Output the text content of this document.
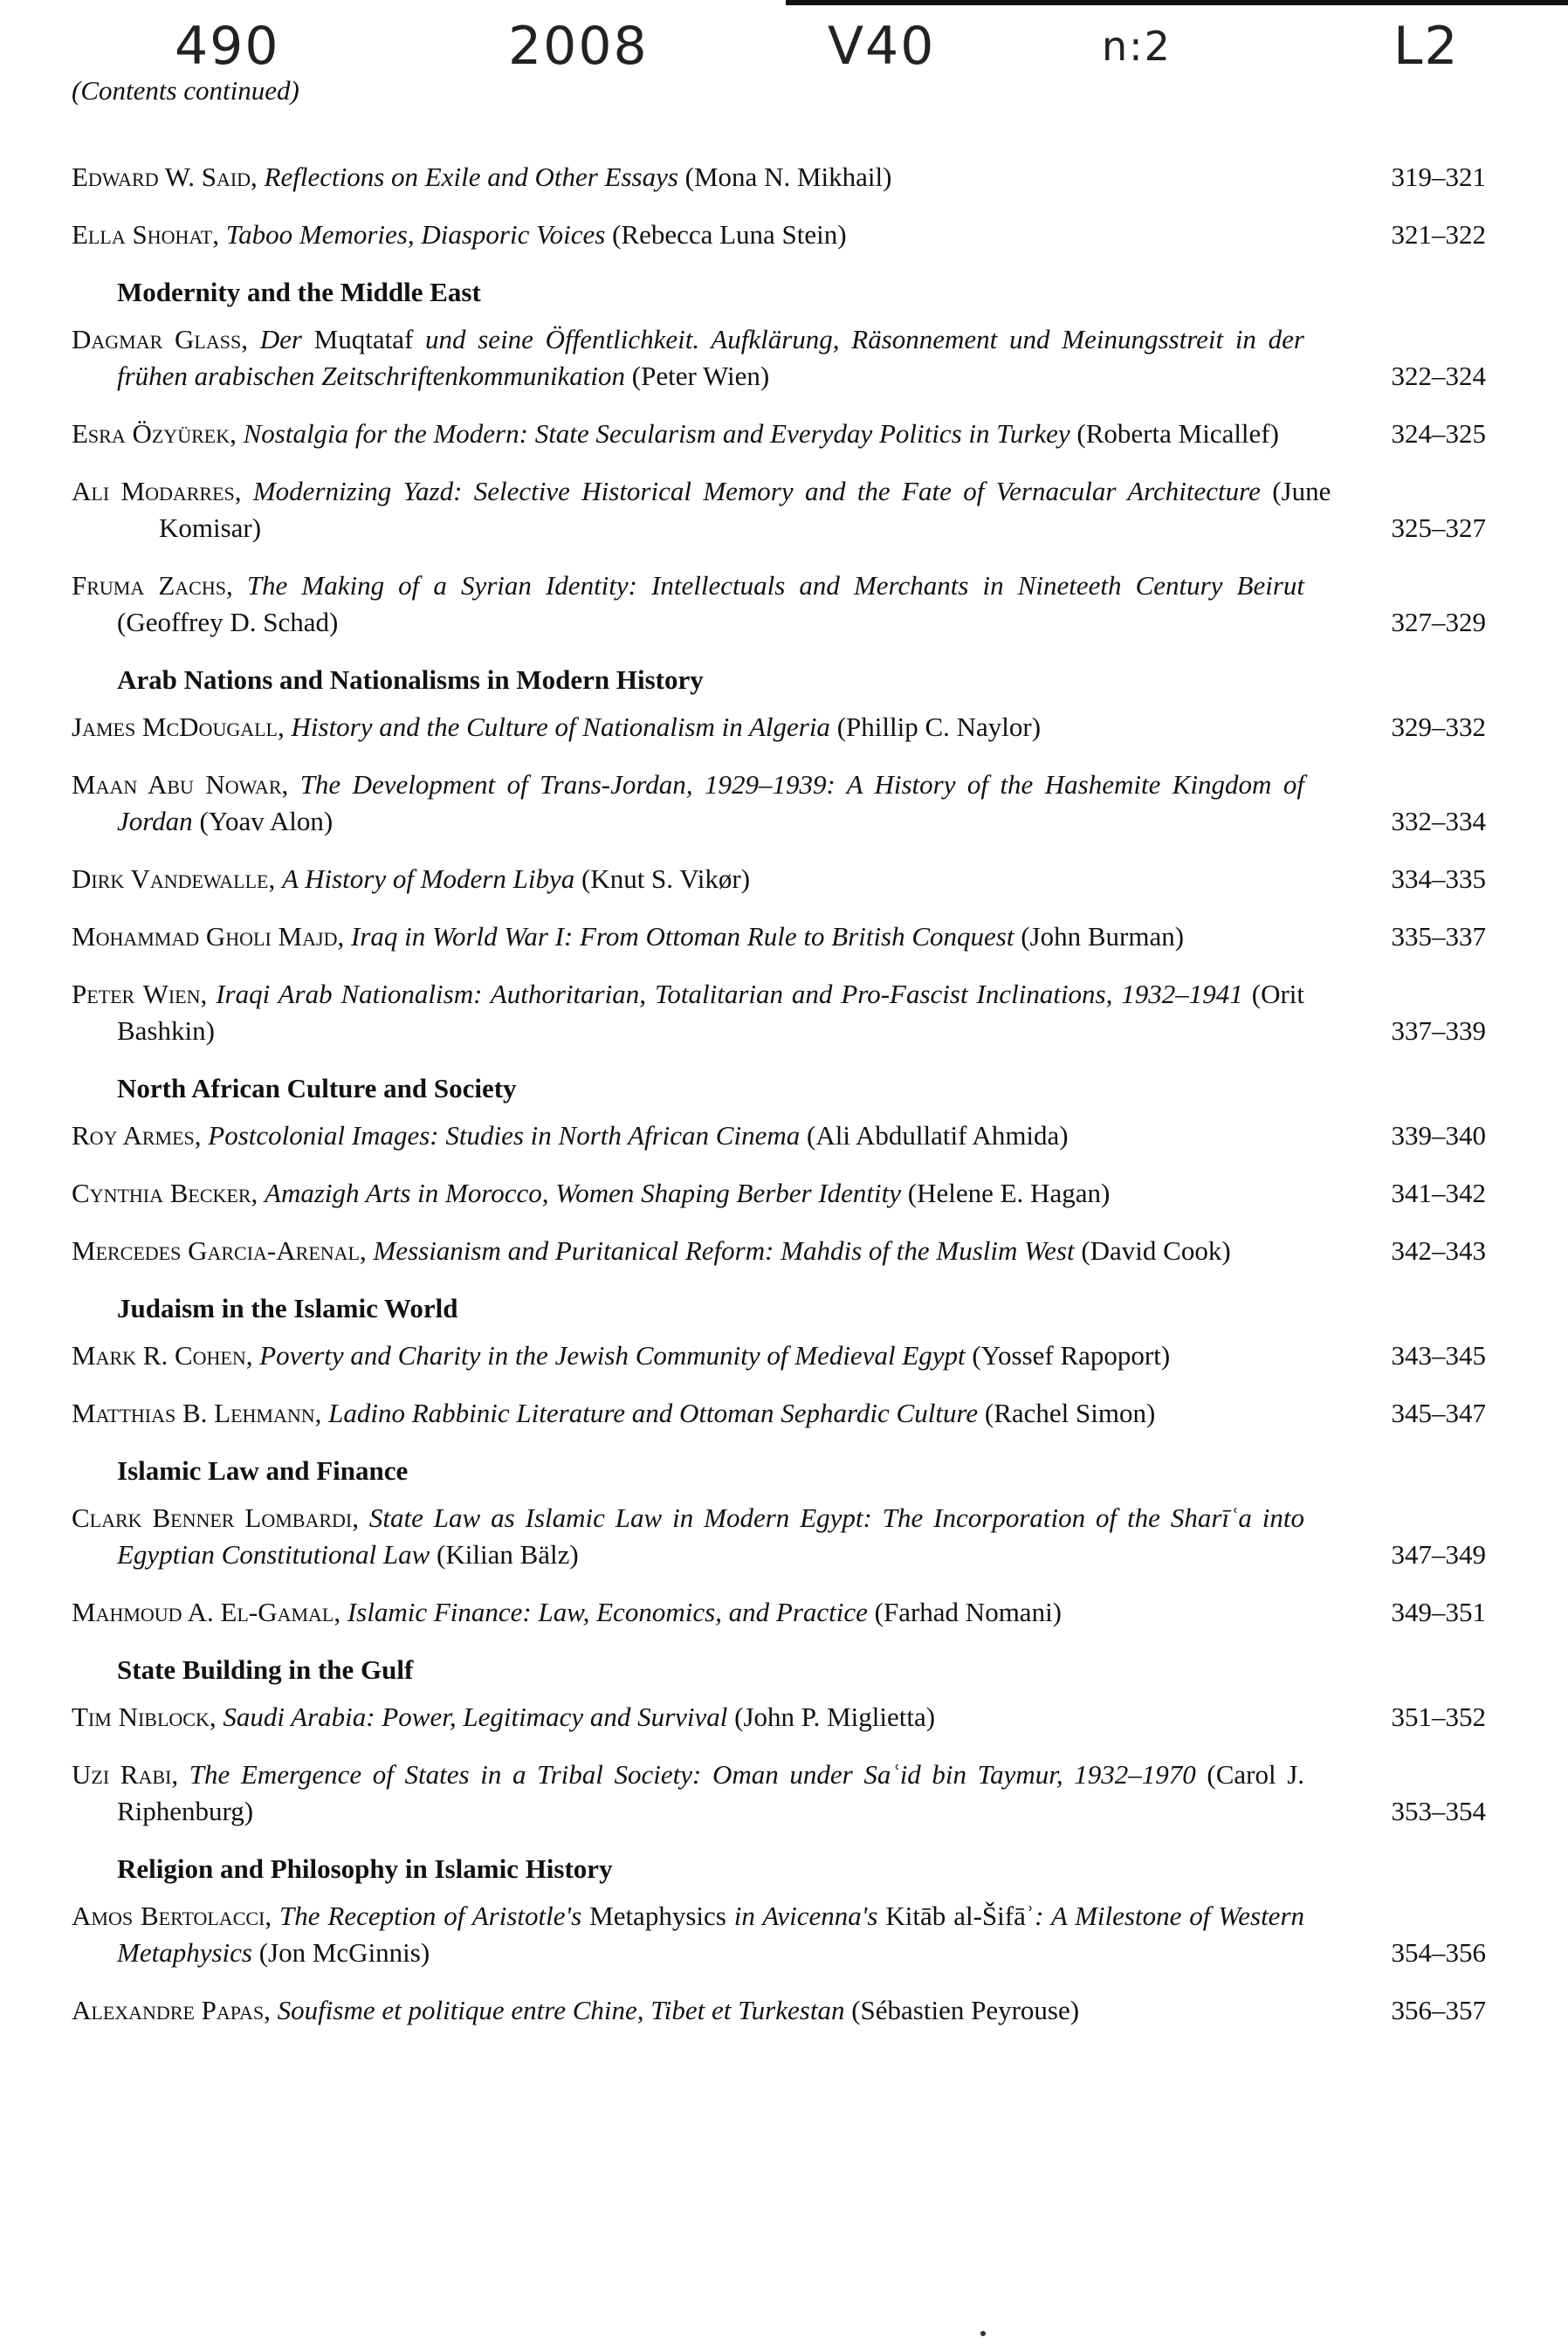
490	2008	V40	n:2	L2
(Contents continued)
Edward W. Said, Reflections on Exile and Other Essays (Mona N. Mikhail)	319–321
Ella Shohat, Taboo Memories, Diasporic Voices (Rebecca Luna Stein)	321–322
Modernity and the Middle East
Dagmar Glaß, Der Muqtataf und seine Öffentlichkeit. Aufklärung, Räsonnement und Meinungsstreit in der frühen arabischen Zeitschriftenkommunikation (Peter Wien)	322–324
Esra Özyürek, Nostalgia for the Modern: State Secularism and Everyday Politics in Turkey (Roberta Micallef)	324–325
Ali Modarres, Modernizing Yazd: Selective Historical Memory and the Fate of Vernacular Architecture (June Komisar)	325–327
Fruma Zachs, The Making of a Syrian Identity: Intellectuals and Merchants in Nineteeth Century Beirut (Geoffrey D. Schad)	327–329
Arab Nations and Nationalisms in Modern History
James McDougall, History and the Culture of Nationalism in Algeria (Phillip C. Naylor)	329–332
Maan Abu Nowar, The Development of Trans-Jordan, 1929–1939: A History of the Hashemite Kingdom of Jordan (Yoav Alon)	332–334
Dirk Vandewalle, A History of Modern Libya (Knut S. Vikør)	334–335
Mohammad Gholi Majd, Iraq in World War I: From Ottoman Rule to British Conquest (John Burman)	335–337
Peter Wien, Iraqi Arab Nationalism: Authoritarian, Totalitarian and Pro-Fascist Inclinations, 1932–1941 (Orit Bashkin)	337–339
North African Culture and Society
Roy Armes, Postcolonial Images: Studies in North African Cinema (Ali Abdullatif Ahmida)	339–340
Cynthia Becker, Amazigh Arts in Morocco, Women Shaping Berber Identity (Helene E. Hagan)	341–342
Mercedes Garcia-Arenal, Messianism and Puritanical Reform: Mahdis of the Muslim West (David Cook)	342–343
Judaism in the Islamic World
Mark R. Cohen, Poverty and Charity in the Jewish Community of Medieval Egypt (Yossef Rapoport)	343–345
Matthias B. Lehmann, Ladino Rabbinic Literature and Ottoman Sephardic Culture (Rachel Simon)	345–347
Islamic Law and Finance
Clark Benner Lombardi, State Law as Islamic Law in Modern Egypt: The Incorporation of the Sharīʿa into Egyptian Constitutional Law (Kilian Bälz)	347–349
Mahmoud A. El-Gamal, Islamic Finance: Law, Economics, and Practice (Farhad Nomani)	349–351
State Building in the Gulf
Tim Niblock, Saudi Arabia: Power, Legitimacy and Survival (John P. Miglietta)	351–352
Uzi Rabi, The Emergence of States in a Tribal Society: Oman under Saʿid bin Taymur, 1932–1970 (Carol J. Riphenburg)	353–354
Religion and Philosophy in Islamic History
Amos Bertolacci, The Reception of Aristotle's Metaphysics in Avicenna's Kitāb al-Šifāʾ: A Milestone of Western Metaphysics (Jon McGinnis)	354–356
Alexandre Papas, Soufisme et politique entre Chine, Tibet et Turkestan (Sébastien Peyrouse)	356–357
